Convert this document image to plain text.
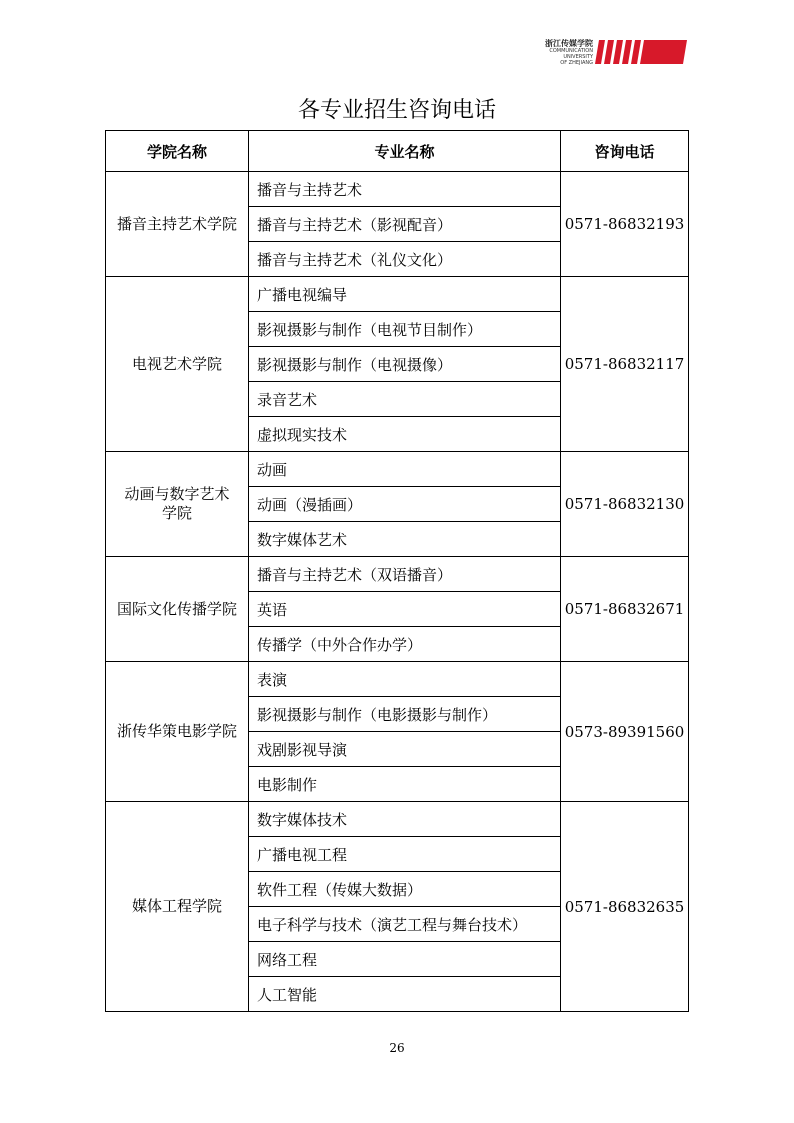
浙江传媒学院
COMMUNICATION
UNIVERSITY
OF ZHEJIANG
各专业招生咨询电话
学院名称	专业名称	咨询电话
播音主持艺术学院	播音与主持艺术	0571-86832193
	播音与主持艺术（影视配音）	
	播音与主持艺术（礼仪文化）	
电视艺术学院	广播电视编导	0571-86832117
	影视摄影与制作（电视节目制作）	
	影视摄影与制作（电视摄像）	
	录音艺术	
	虚拟现实技术	
动画与数字艺术学院	动画	0571-86832130
	动画（漫插画）	
	数字媒体艺术	
国际文化传播学院	播音与主持艺术（双语播音）	0571-86832671
	英语	
	传播学（中外合作办学）	
浙传华策电影学院	表演	0573-89391560
	影视摄影与制作（电影摄影与制作）	
	戏剧影视导演	
	电影制作	
媒体工程学院	数字媒体技术	0571-86832635
	广播电视工程	
	软件工程（传媒大数据）	
	电子科学与技术（演艺工程与舞台技术）	
	网络工程	
	人工智能	
26
